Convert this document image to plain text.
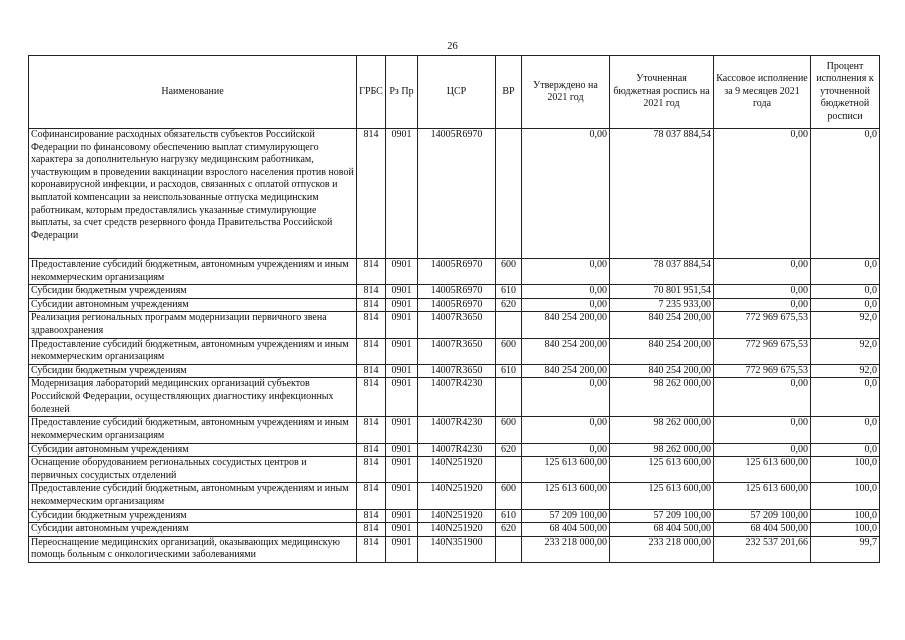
26
Наименование	ГРБС	Рз Пр	ЦСР	ВР	Утверждено на 2021 год	Уточненная бюджетная роспись на 2021 год	Кассовое исполнение за 9 месяцев 2021 года	Процент исполнения к уточненной бюджетной росписи
Софинансирование расходных обязательств субъектов Российской Федерации по финансовому обеспечению выплат стимулирующего характера за дополнительную нагрузку медицинским работникам, участвующим в проведении вакцинации взрослого населения против новой коронавирусной инфекции, и расходов, связанных с оплатой отпусков и выплатой компенсации за неиспользованные отпуска медицинским работникам, которым предоставлялись указанные стимулирующие выплаты, за счет средств резервного фонда Правительства Российской Федерации	814	0901	14005R6970		0,00	78 037 884,54	0,00	0,0
Предоставление субсидий бюджетным, автономным учреждениям и иным некоммерческим организациям	814	0901	14005R6970	600	0,00	78 037 884,54	0,00	0,0
Субсидии бюджетным учреждениям	814	0901	14005R6970	610	0,00	70 801 951,54	0,00	0,0
Субсидии автономным учреждениям	814	0901	14005R6970	620	0,00	7 235 933,00	0,00	0,0
Реализация региональных программ модернизации первичного звена здравоохранения	814	0901	14007R3650		840 254 200,00	840 254 200,00	772 969 675,53	92,0
Предоставление субсидий бюджетным, автономным учреждениям и иным некоммерческим организациям	814	0901	14007R3650	600	840 254 200,00	840 254 200,00	772 969 675,53	92,0
Субсидии бюджетным учреждениям	814	0901	14007R3650	610	840 254 200,00	840 254 200,00	772 969 675,53	92,0
Модернизация лабораторий медицинских организаций субъектов Российской Федерации, осуществляющих диагностику инфекционных болезней	814	0901	14007R4230		0,00	98 262 000,00	0,00	0,0
Предоставление субсидий бюджетным, автономным учреждениям и иным некоммерческим организациям	814	0901	14007R4230	600	0,00	98 262 000,00	0,00	0,0
Субсидии автономным учреждениям	814	0901	14007R4230	620	0,00	98 262 000,00	0,00	0,0
Оснащение оборудованием региональных сосудистых центров и первичных сосудистых отделений	814	0901	140N251920		125 613 600,00	125 613 600,00	125 613 600,00	100,0
Предоставление субсидий бюджетным, автономным учреждениям и иным некоммерческим организациям	814	0901	140N251920	600	125 613 600,00	125 613 600,00	125 613 600,00	100,0
Субсидии бюджетным учреждениям	814	0901	140N251920	610	57 209 100,00	57 209 100,00	57 209 100,00	100,0
Субсидии автономным учреждениям	814	0901	140N251920	620	68 404 500,00	68 404 500,00	68 404 500,00	100,0
Переоснащение медицинских организаций, оказывающих медицинскую помощь больным с онкологическими заболеваниями	814	0901	140N351900		233 218 000,00	233 218 000,00	232 537 201,66	99,7
